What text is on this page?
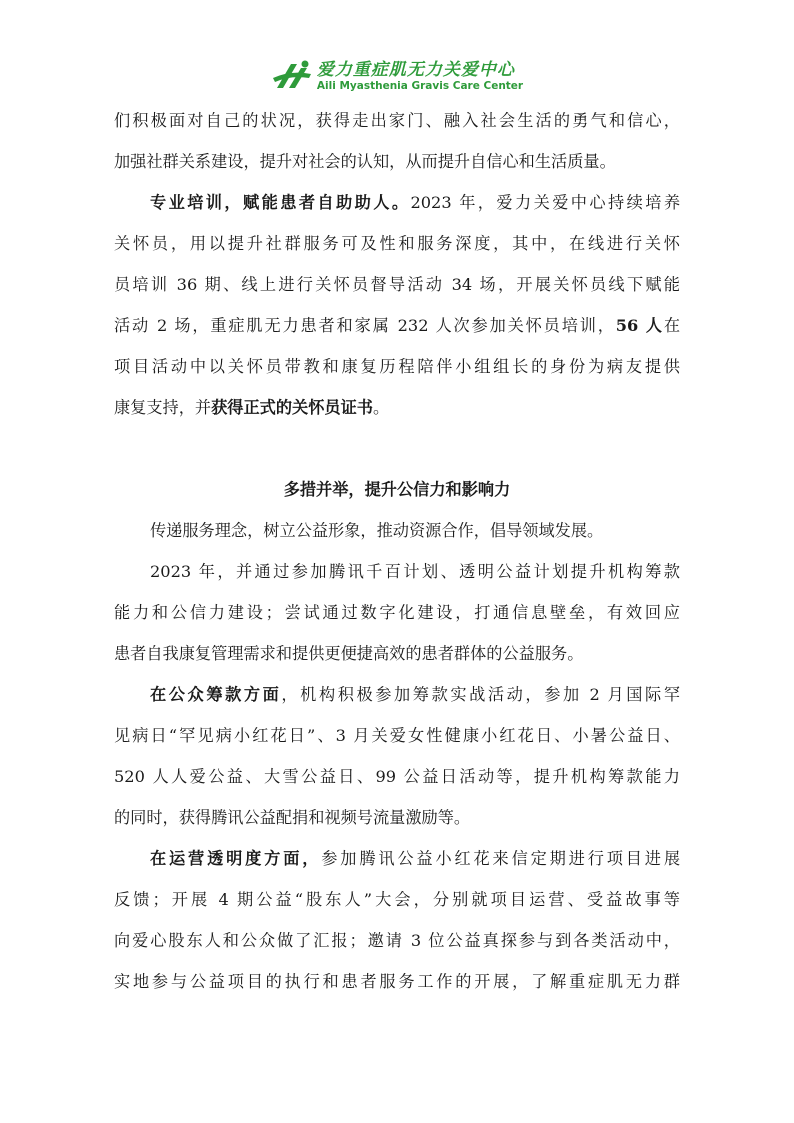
爱力重症肌无力关爱中心
Aili Myasthenia Gravis Care Center
们积极面对自己的状况，获得走出家门、融入社会生活的勇气和信心，
加强社群关系建设，提升对社会的认知，从而提升自信心和生活质量。
专业培训，赋能患者自助助人。2023 年，爱力关爱中心持续培养
关怀员，用以提升社群服务可及性和服务深度，其中，在线进行关怀
员培训 36 期、线上进行关怀员督导活动 34 场，开展关怀员线下赋能
活动 2 场，重症肌无力患者和家属 232 人次参加关怀员培训，56 人在
项目活动中以关怀员带教和康复历程陪伴小组组长的身份为病友提供
康复支持，并获得正式的关怀员证书。
多措并举，提升公信力和影响力
传递服务理念，树立公益形象，推动资源合作，倡导领域发展。
2023 年，并通过参加腾讯千百计划、透明公益计划提升机构筹款
能力和公信力建设；尝试通过数字化建设，打通信息壁垒，有效回应
患者自我康复管理需求和提供更便捷高效的患者群体的公益服务。
在公众筹款方面，机构积极参加筹款实战活动，参加 2 月国际罕
见病日“罕见病小红花日”、3 月关爱女性健康小红花日、小暑公益日、
520 人人爱公益、大雪公益日、99 公益日活动等，提升机构筹款能力
的同时，获得腾讯公益配捐和视频号流量激励等。
在运营透明度方面，参加腾讯公益小红花来信定期进行项目进展
反馈；开展 4 期公益“股东人”大会，分别就项目运营、受益故事等
向爱心股东人和公众做了汇报；邀请 3 位公益真探参与到各类活动中，
实地参与公益项目的执行和患者服务工作的开展，了解重症肌无力群
